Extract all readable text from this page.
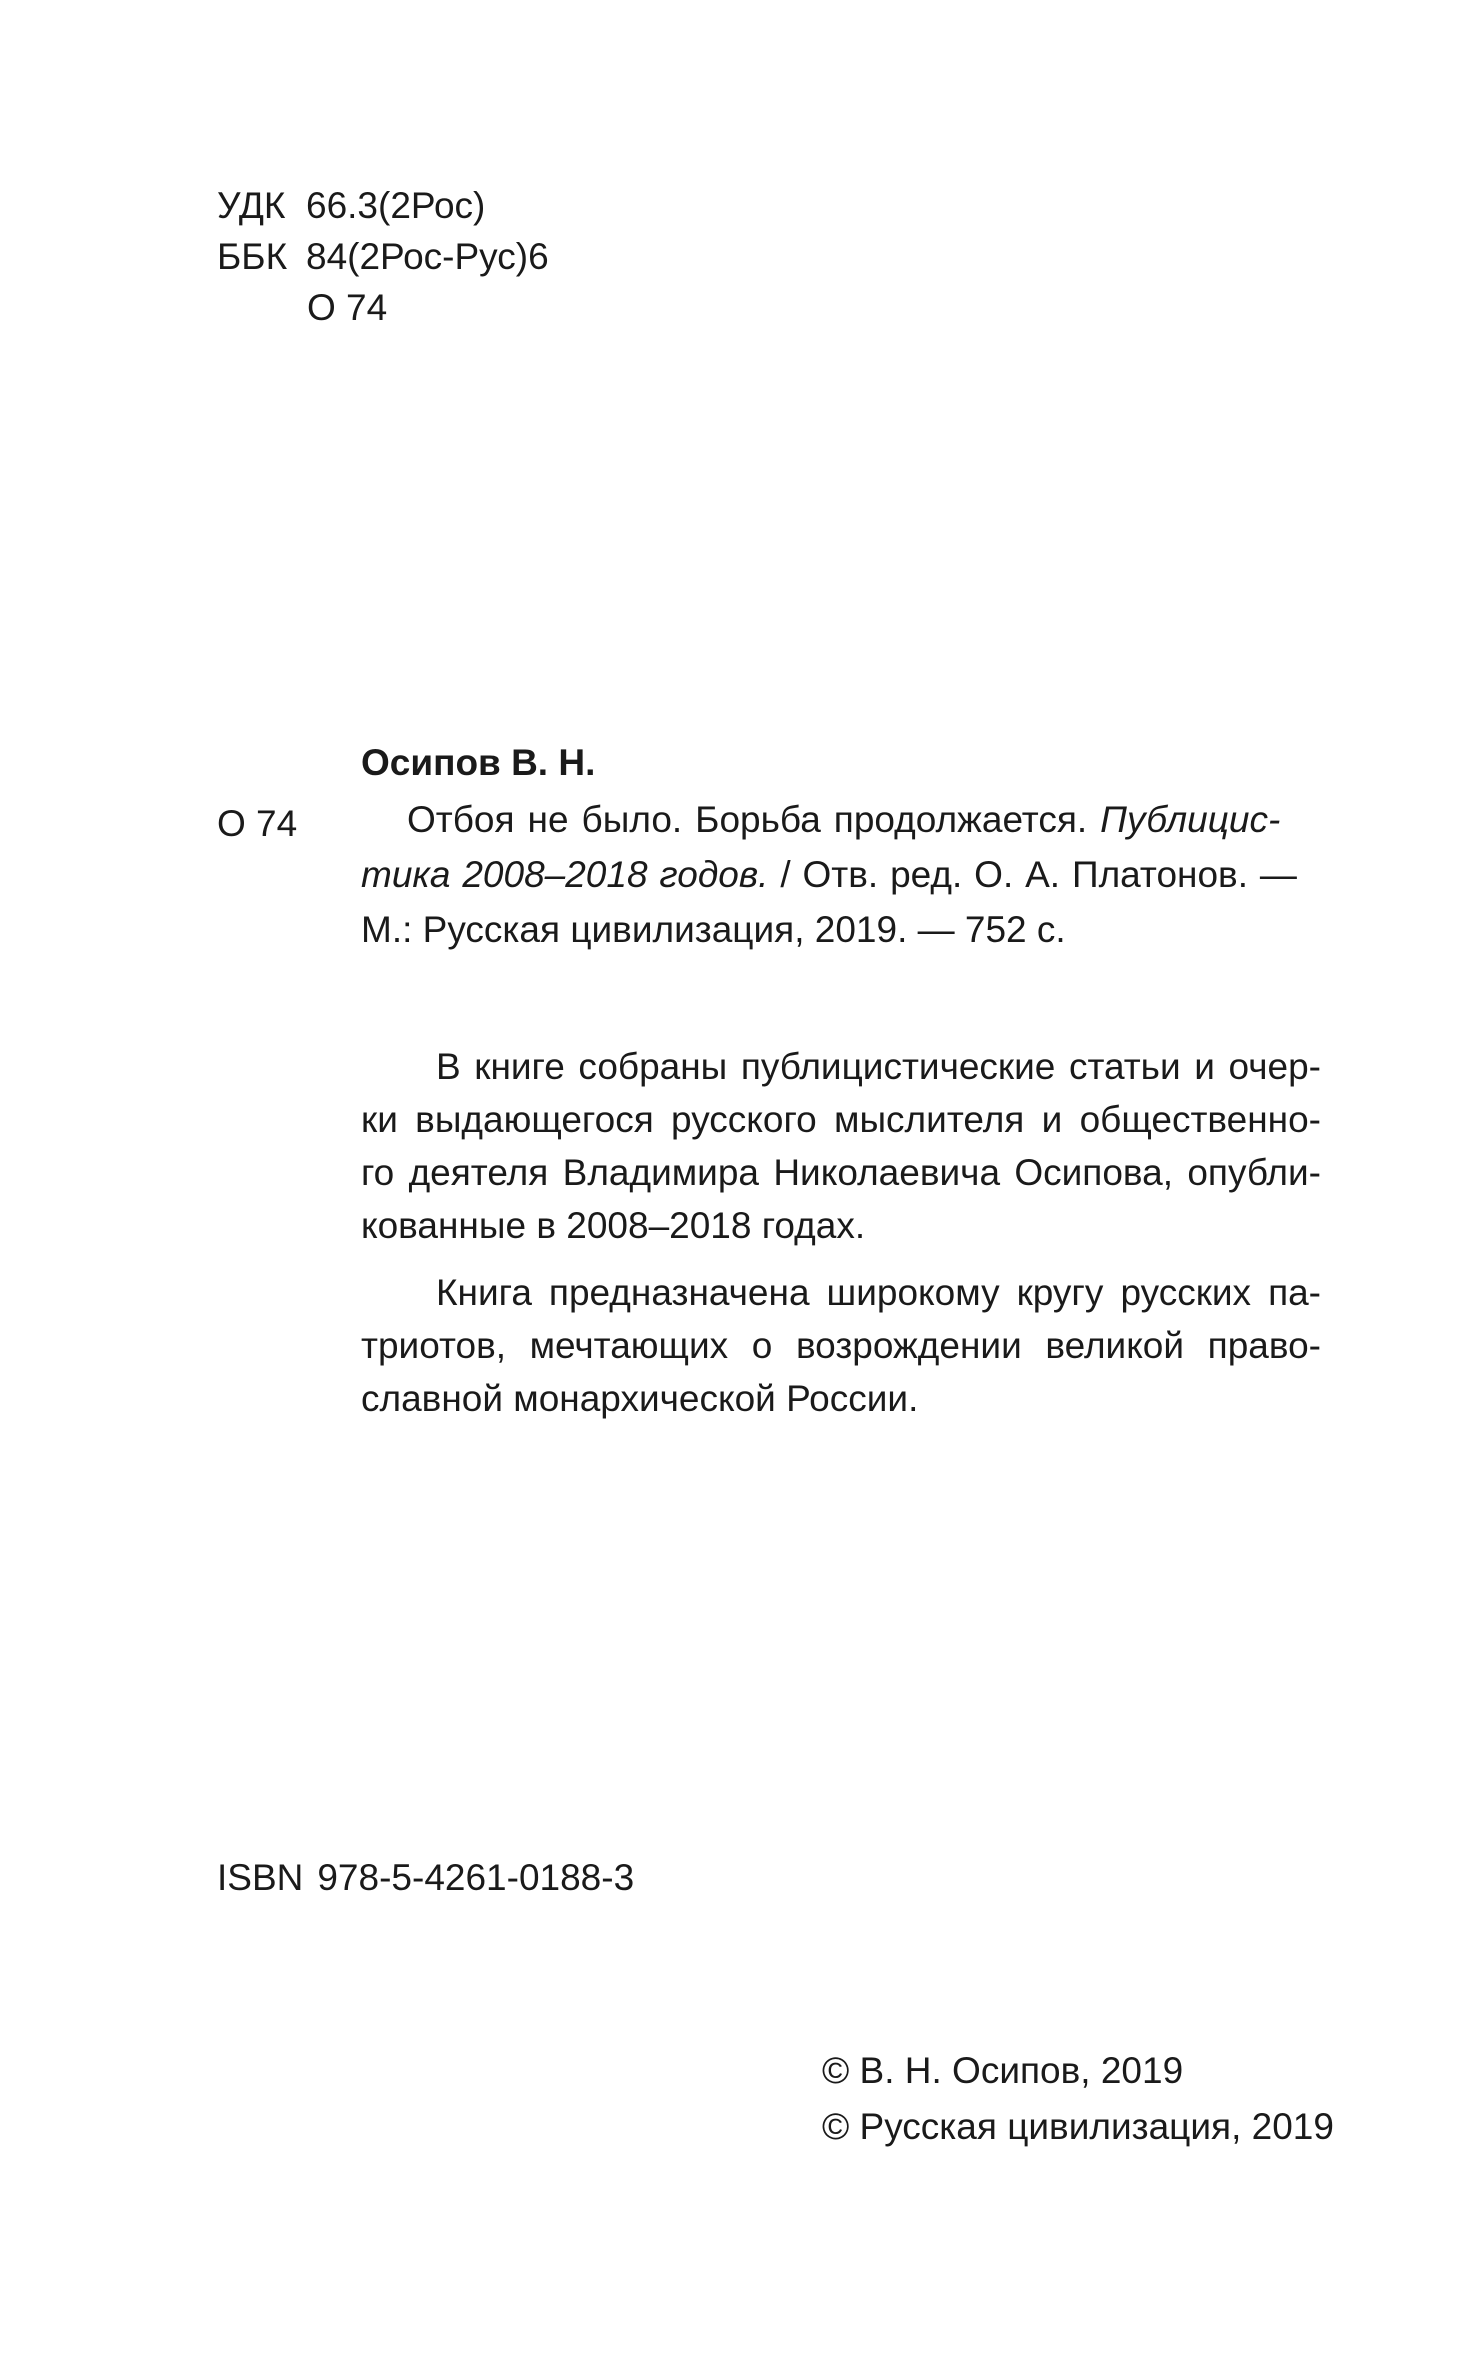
УДК 66.3(2Рос)
ББК 84(2Рос-Рус)6
О 74
Осипов В. Н.
О 74	Отбоя не было. Борьба продолжается. Публицис-
тика 2008–2018 годов. / Отв. ред. О. А. Платонов. —
М.: Русская цивилизация, 2019. — 752 с.
В книге собраны публицистические статьи и очер-
ки выдающегося русского мыслителя и общественно-
го деятеля Владимира Николаевича Осипова, опубли-
кованные в 2008–2018 годах.
Книга предназначена широкому кругу русских па-
триотов, мечтающих о возрождении великой право-
славной монархической России.
ISBN 978-5-4261-0188-3
© В. Н. Осипов, 2019
© Русская цивилизация, 2019
